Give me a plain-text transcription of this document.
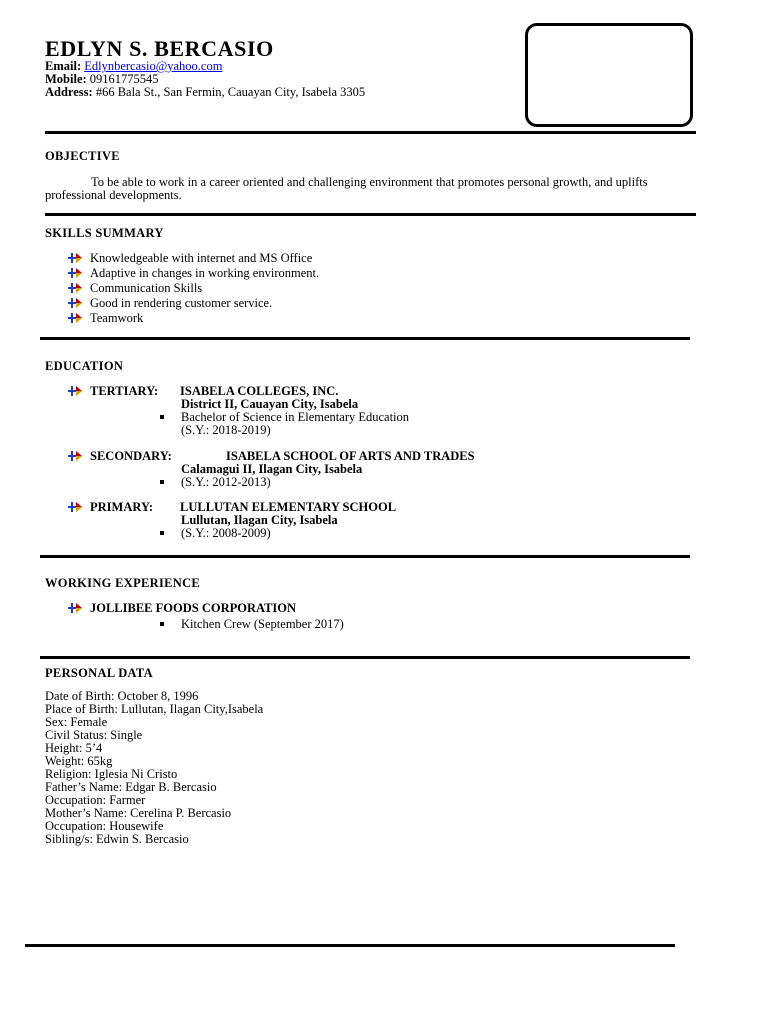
EDLYN S. BERCASIO
Email: Edlynbercasio@yahoo.com
Mobile: 09161775545
Address: #66 Bala St., San Fermin, Cauayan City, Isabela 3305
OBJECTIVE
To be able to work in a career oriented and challenging environment that promotes personal growth, and uplifts
professional developments.
SKILLS SUMMARY
Knowledgeable with internet and MS Office
Adaptive in changes in working environment.
Communication Skills
Good in rendering customer service.
Teamwork
EDUCATION
TERTIARY:	ISABELA COLLEGES, INC.
District II, Cauayan City, Isabela
Bachelor of Science in Elementary Education
(S.Y.: 2018-2019)
SECONDARY:	ISABELA SCHOOL OF ARTS AND TRADES
Calamagui II, Ilagan City, Isabela
(S.Y.: 2012-2013)
PRIMARY:	LULLUTAN ELEMENTARY SCHOOL
Lullutan, Ilagan City, Isabela
(S.Y.: 2008-2009)
WORKING EXPERIENCE
JOLLIBEE FOODS CORPORATION
Kitchen Crew (September 2017)
PERSONAL DATA
Date of Birth: October 8, 1996
Place of Birth: Lullutan, Ilagan City,Isabela
Sex: Female
Civil Status: Single
Height: 5’4
Weight: 65kg
Religion: Iglesia Ni Cristo
Father’s Name: Edgar B. Bercasio
Occupation: Farmer
Mother’s Name: Cerelina P. Bercasio
Occupation: Housewife
Sibling/s: Edwin S. Bercasio
